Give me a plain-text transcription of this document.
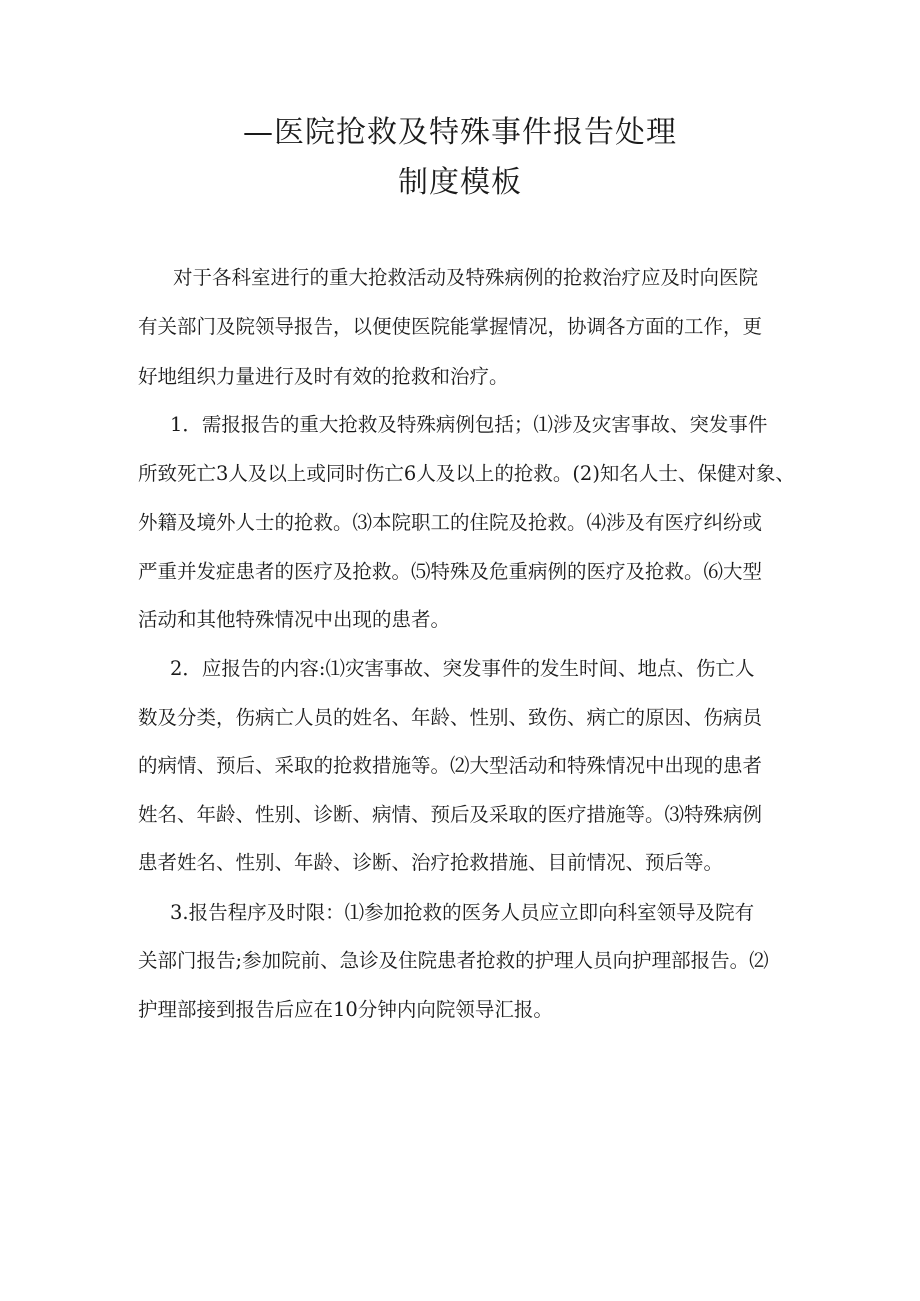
—医院抢救及特殊事件报告处理
制度模板
对于各科室进行的重大抢救活动及特殊病例的抢救治疗应及时向医院
有关部门及院领导报告，以便使医院能掌握情况，协调各方面的工作，更
好地组织力量进行及时有效的抢救和治疗。
1．需报报告的重大抢救及特殊病例包括；⑴涉及灾害事故、突发事件
所致死亡3人及以上或同时伤亡6人及以上的抢救。(2)知名人士、保健对象、
外籍及境外人士的抢救。⑶本院职工的住院及抢救。⑷涉及有医疗纠纷或
严重并发症患者的医疗及抢救。⑸特殊及危重病例的医疗及抢救。⑹大型
活动和其他特殊情况中出现的患者。
2．应报告的内容:⑴灾害事故、突发事件的发生时间、地点、伤亡人
数及分类，伤病亡人员的姓名、年龄、性别、致伤、病亡的原因、伤病员
的病情、预后、采取的抢救措施等。⑵大型活动和特殊情况中出现的患者
姓名、年龄、性别、诊断、病情、预后及采取的医疗措施等。⑶特殊病例
患者姓名、性别、年龄、诊断、治疗抢救措施、目前情况、预后等。
3.报告程序及时限：⑴参加抢救的医务人员应立即向科室领导及院有
关部门报告;参加院前、急诊及住院患者抢救的护理人员向护理部报告。⑵
护理部接到报告后应在10分钟内向院领导汇报。
